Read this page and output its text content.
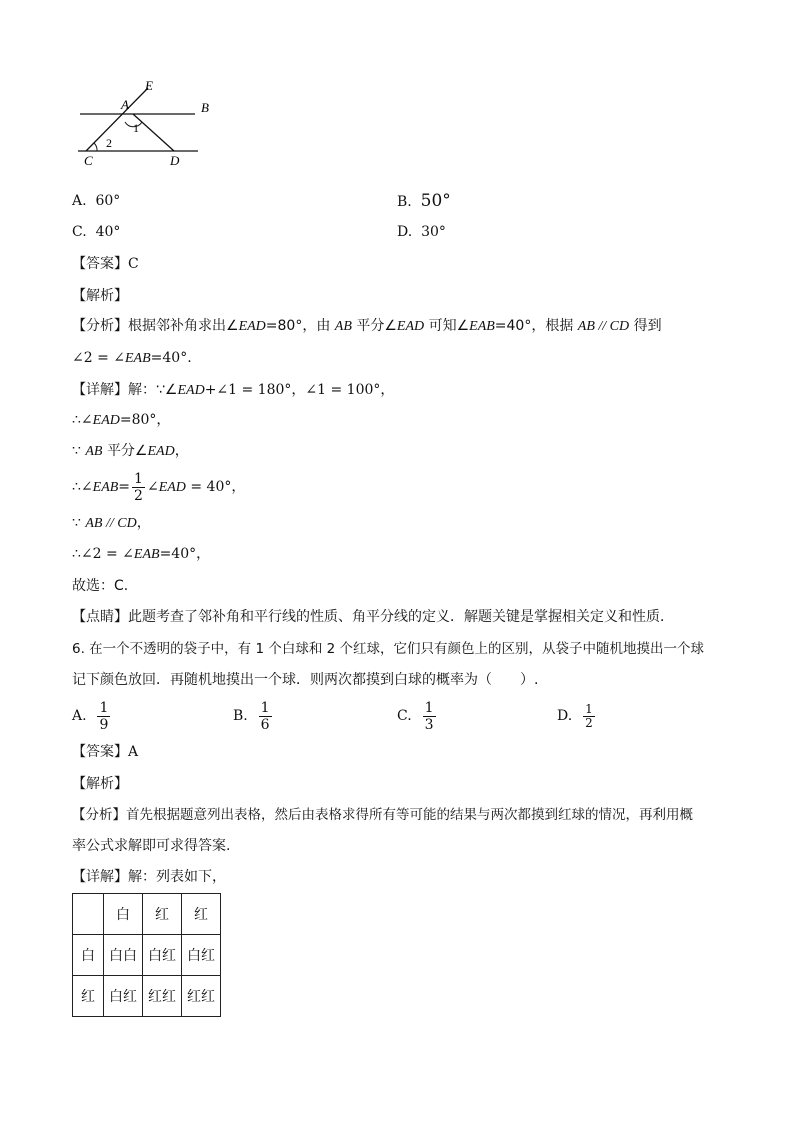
E
A	B
1
2
C	D
A. 60°	B. 50°
C. 40°	D. 30°
【答案】C
【解析】
【分析】根据邻补角求出∠EAD=80°，由 AB 平分∠EAD 可知∠EAB=40°，根据 AB // CD 得到
∠2 = ∠EAB=40°.
【详解】解：∵∠EAD+∠1 = 180°，∠1 = 100°，
∴∠EAD=80°，
∵ AB 平分∠EAD，
∴∠EAB= $\frac{1}{2}$ ∠EAD = 40°，
∵ AB // CD，
∴∠2 = ∠EAB=40°，
故选：C.
【点睛】此题考查了邻补角和平行线的性质、角平分线的定义．解题关键是掌握相关定义和性质．
6. 在一个不透明的袋子中，有 1 个白球和 2 个红球，它们只有颜色上的区别，从袋子中随机地摸出一个球
记下颜色放回．再随机地摸出一个球．则两次都摸到白球的概率为（　　）.
A. $\frac{1}{9}$	B. $\frac{1}{6}$	C. $\frac{1}{3}$	D. $\frac{1}{2}$
【答案】A
【解析】
【分析】首先根据题意列出表格，然后由表格求得所有等可能的结果与两次都摸到红球的情况，再利用概
率公式求解即可求得答案.
【详解】解：列表如下，
	白	红	红
白	白白	白红	白红
红	白红	红红	红红
